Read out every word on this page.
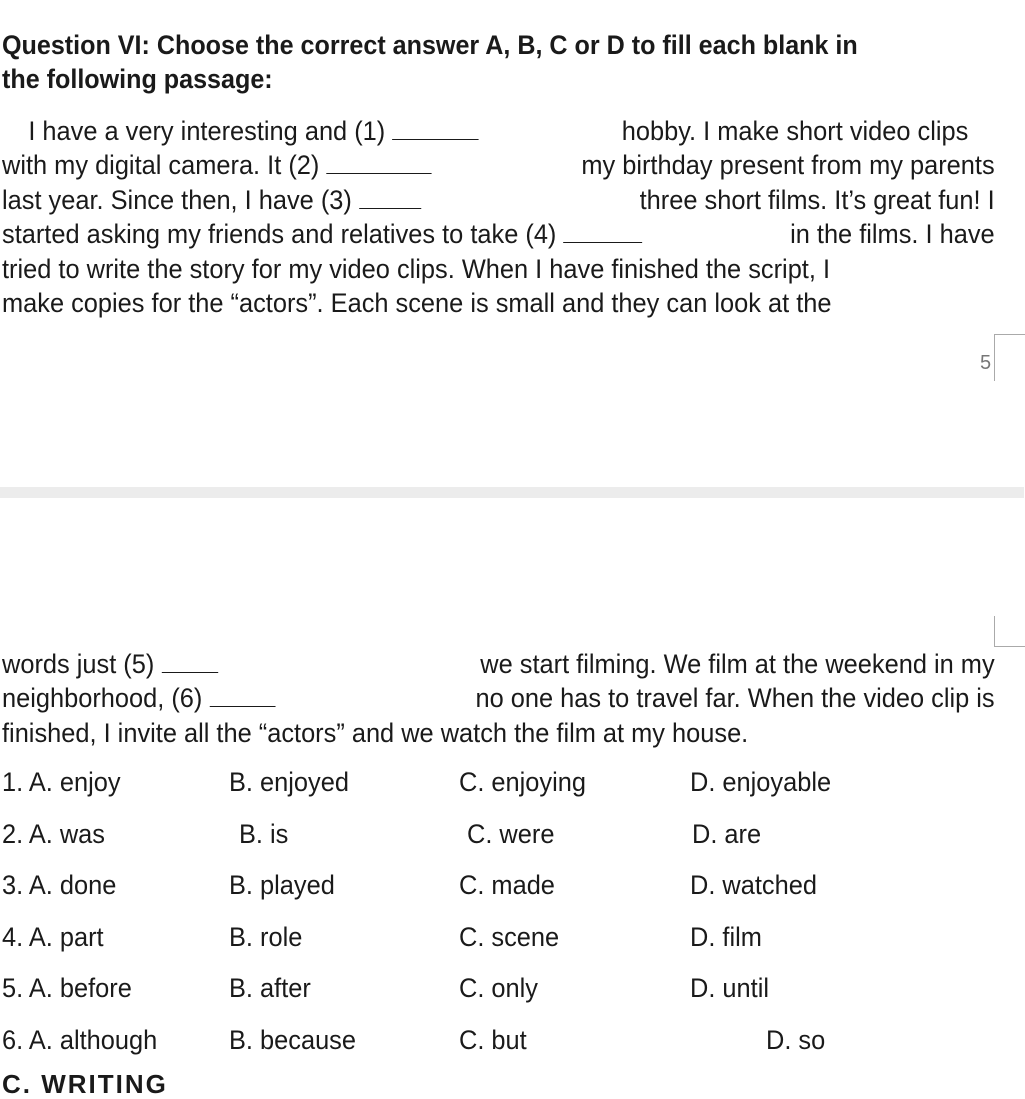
Question VI: Choose the correct answer A, B, C or D to fill each blank in
the following passage:
I have a very interesting and (1)	hobby. I make short video clips
with my digital camera. It (2)	my birthday present from my parents
last year. Since then, I have (3)	three short films. It’s great fun! I
started asking my friends and relatives to take (4)	in the films. I have
tried to write the story for my video clips. When I have finished the script, I
make copies for the “actors”. Each scene is small and they can look at the
5
words just (5)	we start filming. We film at the weekend in my
neighborhood, (6)	no one has to travel far. When the video clip is
finished, I invite all the “actors” and we watch the film at my house.
1. A. enjoy	B. enjoyed	C. enjoying	D. enjoyable
2. A. was	B. is	C. were	D. are
3. A. done	B. played	C. made	D. watched
4. A. part	B. role	C. scene	D. film
5. A. before	B. after	C. only	D. until
6. A. although	B. because	C. but	D. so
C. WRITING
